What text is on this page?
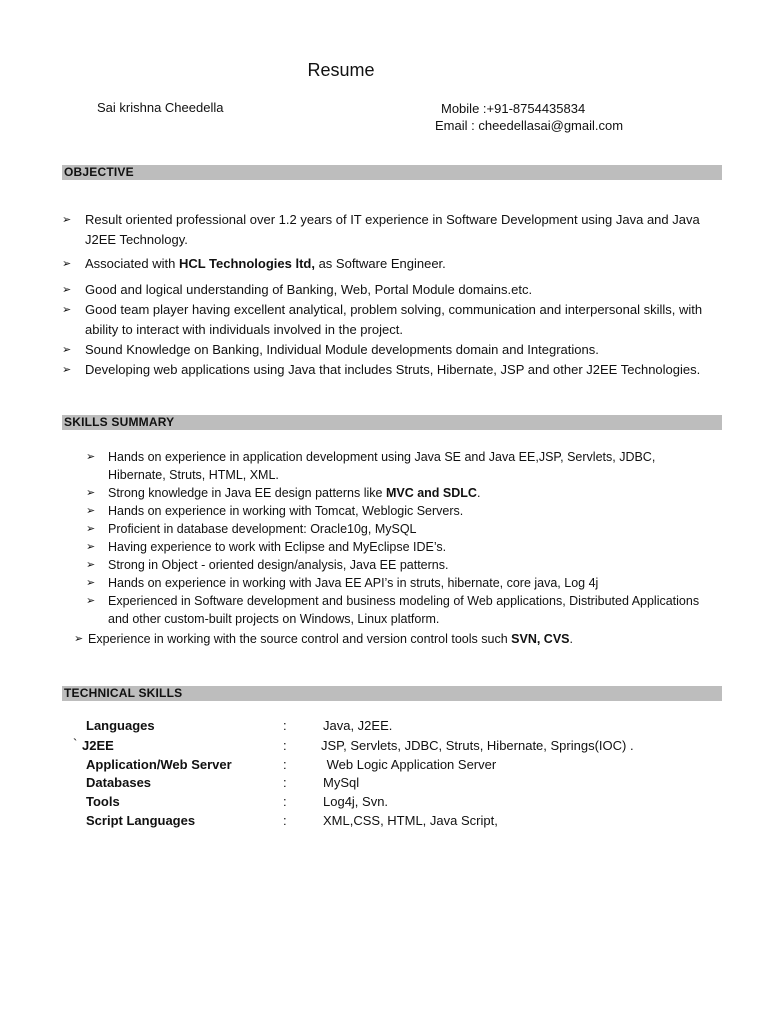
Resume
Sai krishna Cheedella	Mobile :+91-8754435834
Email : cheedellasai@gmail.com
OBJECTIVE
➢ Result oriented professional over 1.2 years of IT experience in Software Development using Java and Java J2EE Technology.
➢ Associated with HCL Technologies ltd, as Software Engineer.
➢ Good and logical understanding of Banking, Web, Portal Module domains.etc.
➢ Good team player having excellent analytical, problem solving, communication and interpersonal skills, with ability to interact with individuals involved in the project.
➢ Sound Knowledge on Banking, Individual Module developments domain and Integrations.
➢ Developing web applications using Java that includes Struts, Hibernate, JSP and other J2EE Technologies.
SKILLS SUMMARY
➢ Hands on experience in application development using Java SE and Java EE,JSP, Servlets, JDBC, Hibernate, Struts, HTML, XML.
➢ Strong knowledge in Java EE design patterns like MVC and SDLC.
➢ Hands on experience in working with Tomcat, Weblogic Servers.
➢ Proficient in database development: Oracle10g, MySQL
➢ Having experience to work with Eclipse and MyEclipse IDE’s.
➢ Strong in Object - oriented design/analysis, Java EE patterns.
➢ Hands on experience in working with Java EE API’s in struts, hibernate, core java, Log 4j
➢ Experienced in Software development and business modeling of Web applications, Distributed Applications and other custom-built projects on Windows, Linux platform.
➢ Experience in working with the source control and version control tools such SVN, CVS.
TECHNICAL SKILLS
Languages	:	Java, J2EE.
` J2EE	:	JSP, Servlets, JDBC, Struts, Hibernate, Springs(IOC) .
Application/Web Server	:	Web Logic Application Server
Databases	:	MySql
Tools	:	Log4j, Svn.
Script Languages	:	XML,CSS, HTML, Java Script,
